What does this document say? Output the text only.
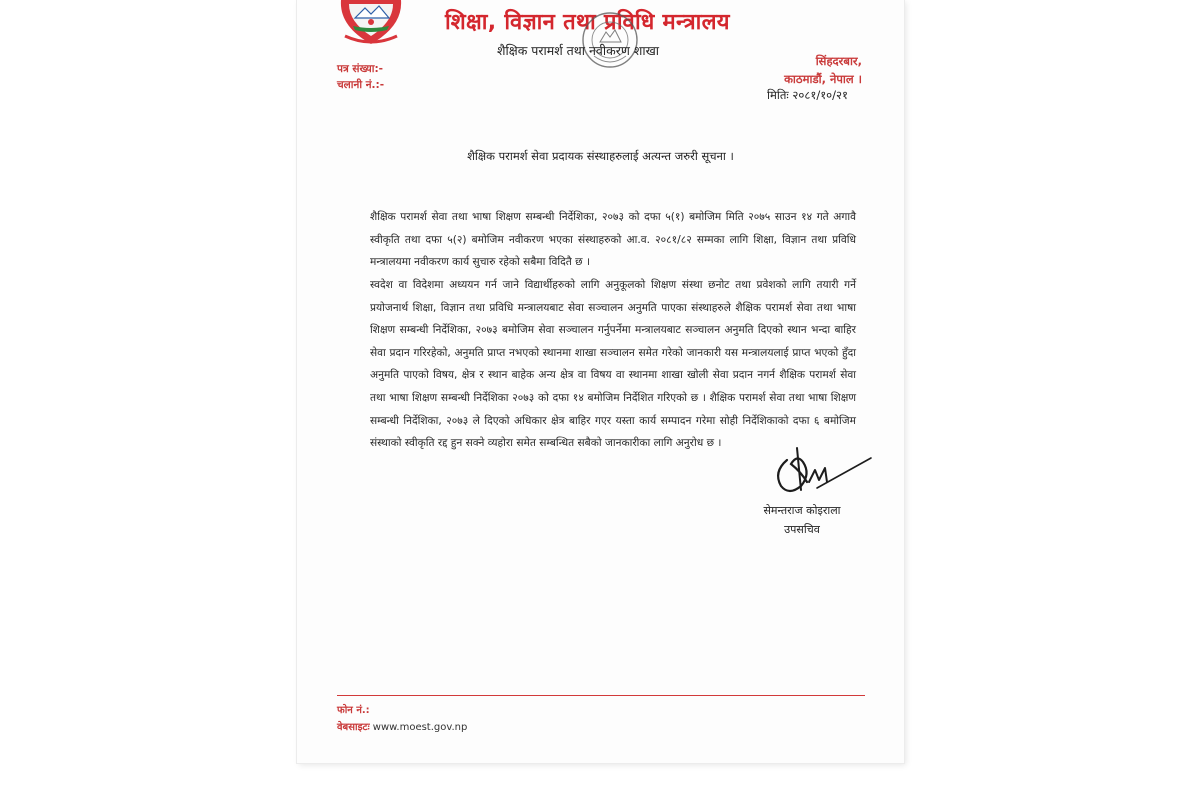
शिक्षा, विज्ञान तथा प्रविधि मन्त्रालय
शैक्षिक परामर्श तथा नवीकरण शाखा
पत्र संख्या:-
चलानी नं.:-
सिंहदरबार,
काठमाडौं, नेपाल ।
मितिः २०८१/१०/२१
शैक्षिक परामर्श सेवा प्रदायक संस्थाहरुलाई अत्यन्त जरुरी सूचना ।
शैक्षिक परामर्श सेवा तथा भाषा शिक्षण सम्बन्धी निर्देशिका, २०७३ को दफा ५(१) बमोजिम मिति २०७५ साउन १४ गते अगावै स्वीकृति तथा दफा ५(२) बमोजिम नवीकरण भएका संस्थाहरुको आ.व. २०८१/८२ सम्मका लागि शिक्षा, विज्ञान तथा प्रविधि मन्त्रालयमा नवीकरण कार्य सुचारु रहेको सबैमा विदितै छ ।
स्वदेश वा विदेशमा अध्ययन गर्न जाने विद्यार्थीहरुको लागि अनुकूलको शिक्षण संस्था छनोट तथा प्रवेशको लागि तयारी गर्ने प्रयोजनार्थ शिक्षा, विज्ञान तथा प्रविधि मन्त्रालयबाट सेवा सञ्चालन अनुमति पाएका संस्थाहरुले शैक्षिक परामर्श सेवा तथा भाषा शिक्षण सम्बन्धी निर्देशिका, २०७३ बमोजिम सेवा सञ्चालन गर्नुपर्नेमा मन्त्रालयबाट सञ्चालन अनुमति दिएको स्थान भन्दा बाहिर सेवा प्रदान गरिरहेको, अनुमति प्राप्त नभएको स्थानमा शाखा सञ्चालन समेत गरेको जानकारी यस मन्त्रालयलाई प्राप्त भएको हुँदा अनुमति पाएको विषय, क्षेत्र र स्थान बाहेक अन्य क्षेत्र वा विषय वा स्थानमा शाखा खोली सेवा प्रदान नगर्न शैक्षिक परामर्श सेवा तथा भाषा शिक्षण सम्बन्धी निर्देशिका २०७३ को दफा १४ बमोजिम निर्देशित गरिएको छ । शैक्षिक परामर्श सेवा तथा भाषा शिक्षण सम्बन्धी निर्देशिका, २०७३ ले दिएको अधिकार क्षेत्र बाहिर गएर यस्ता कार्य सम्पादन गरेमा सोही निर्देशिकाको दफा ६ बमोजिम संस्थाको स्वीकृति रद्द हुन सक्ने व्यहोरा समेत सम्बन्धित सबैको जानकारीका लागि अनुरोध छ ।
सेमन्तराज कोइराला
उपसचिव
फोन नं.:
वेबसाइटः www.moest.gov.np
